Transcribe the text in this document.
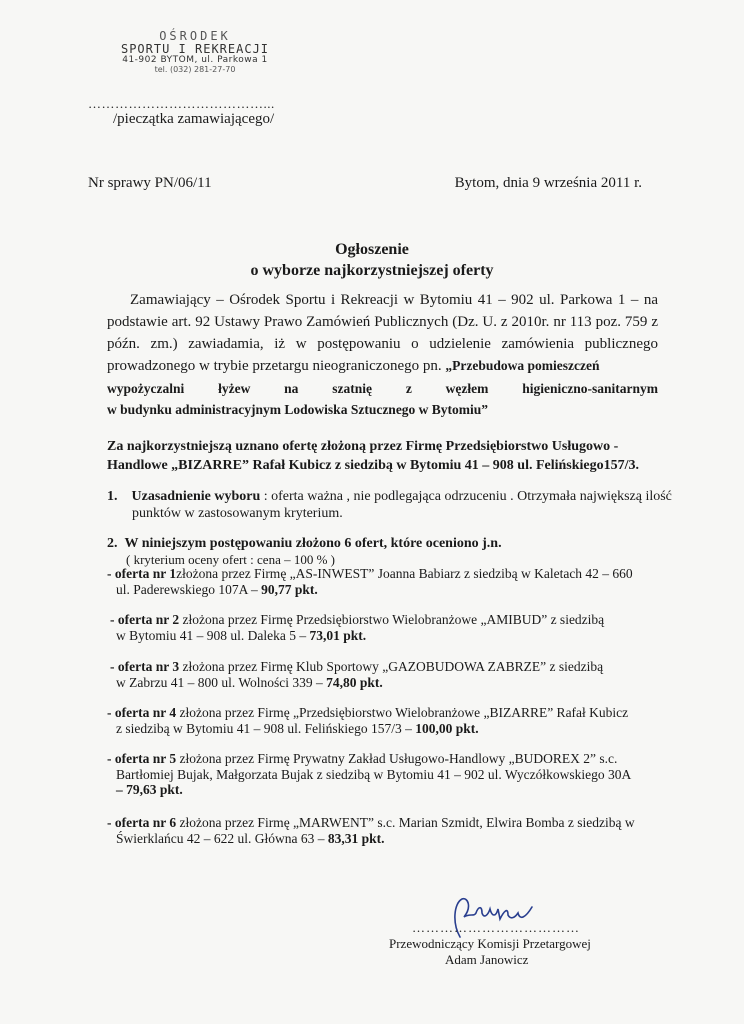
OŚRODEK
SPORTU I REKREACJI
41-902 BYTOM, ul. Parkowa 1
tel. (032) 281-27-70
…………………………………...
/pieczątka zamawiającego/
Nr sprawy PN/06/11	Bytom, dnia 9 września 2011 r.
Ogłoszenie
o wyborze najkorzystniejszej oferty
Zamawiający – Ośrodek Sportu i Rekreacji w Bytomiu 41 – 902 ul. Parkowa 1 – na
podstawie art. 92 Ustawy Prawo Zamówień Publicznych (Dz. U. z 2010r. nr 113 poz. 759 z
późn. zm.) zawiadamia, iż w postępowaniu o udzielenie zamówienia publicznego
prowadzonego w trybie przetargu nieograniczonego pn. „Przebudowa pomieszczeń
wypożyczalni łyżew na szatnię z węzłem higieniczno-sanitarnym
w budynku administracyjnym Lodowiska Sztucznego w Bytomiu”
Za najkorzystniejszą uznano ofertę złożoną przez Firmę Przedsiębiorstwo Usługowo -
Handlowe „BIZARRE” Rafał Kubicz z siedzibą w Bytomiu 41 – 908 ul. Felińskiego157/3.
1. Uzasadnienie wyboru : oferta ważna , nie podlegająca odrzuceniu . Otrzymała największą ilość
punktów w zastosowanym kryterium.
2. W niniejszym postępowaniu złożono 6 ofert, które oceniono j.n.
( kryterium oceny ofert : cena – 100 % )
- oferta nr 1złożona przez Firmę „AS-INWEST” Joanna Babiarz z siedzibą w Kaletach 42 – 660
ul. Paderewskiego 107A – 90,77 pkt.
- oferta nr 2 złożona przez Firmę Przedsiębiorstwo Wielobranżowe „AMIBUD” z siedzibą
w Bytomiu 41 – 908 ul. Daleka 5 – 73,01 pkt.
- oferta nr 3 złożona przez Firmę Klub Sportowy „GAZOBUDOWA ZABRZE” z siedzibą
w Zabrzu 41 – 800 ul. Wolności 339 – 74,80 pkt.
- oferta nr 4 złożona przez Firmę „Przedsiębiorstwo Wielobranżowe „BIZARRE” Rafał Kubicz
z siedzibą w Bytomiu 41 – 908 ul. Felińskiego 157/3 – 100,00 pkt.
- oferta nr 5 złożona przez Firmę Prywatny Zakład Usługowo-Handlowy „BUDOREX 2” s.c.
Bartłomiej Bujak, Małgorzata Bujak z siedzibą w Bytomiu 41 – 902 ul. Wyczółkowskiego 30A
– 79,63 pkt.
- oferta nr 6 złożona przez Firmę „MARWENT” s.c. Marian Szmidt, Elwira Bomba z siedzibą w
Świerklańcu 42 – 622 ul. Główna 63 – 83,31 pkt.
………………………………
Przewodniczący Komisji Przetargowej
Adam Janowicz
